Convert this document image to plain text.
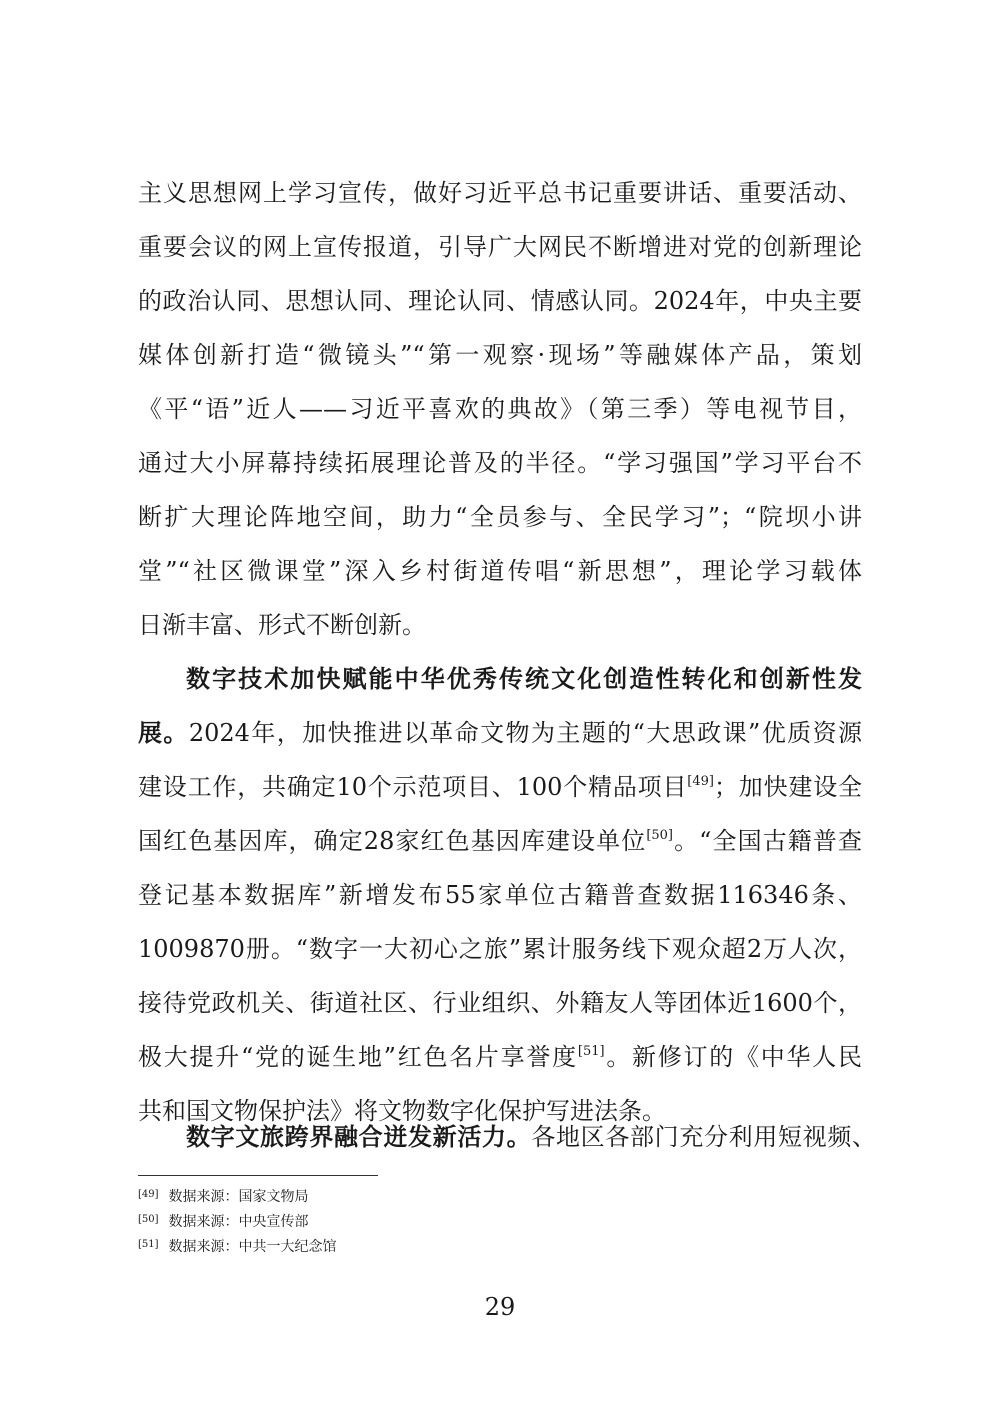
主义思想网上学习宣传，做好习近平总书记重要讲话、重要活动、
重要会议的网上宣传报道，引导广大网民不断增进对党的创新理论
的政治认同、思想认同、理论认同、情感认同。2024年，中央主要
媒体创新打造“微镜头”“第一观察·现场”等融媒体产品，策划
《平“语”近人——习近平喜欢的典故》（第三季）等电视节目，
通过大小屏幕持续拓展理论普及的半径。“学习强国”学习平台不
断扩大理论阵地空间，助力“全员参与、全民学习”；“院坝小讲
堂”“社区微课堂”深入乡村街道传唱“新思想”，理论学习载体
日渐丰富、形式不断创新。
数字技术加快赋能中华优秀传统文化创造性转化和创新性发
展。2024年，加快推进以革命文物为主题的“大思政课”优质资源
建设工作，共确定10个示范项目、100个精品项目[49]；加快建设全
国红色基因库，确定28家红色基因库建设单位[50]。“全国古籍普查
登记基本数据库”新增发布55家单位古籍普查数据116346条、
1009870册。“数字一大初心之旅”累计服务线下观众超2万人次，
接待党政机关、街道社区、行业组织、外籍友人等团体近1600个，
极大提升“党的诞生地”红色名片享誉度[51]。新修订的《中华人民
共和国文物保护法》将文物数字化保护写进法条。
数字文旅跨界融合迸发新活力。各地区各部门充分利用短视频、
[49] 数据来源：国家文物局
[50] 数据来源：中央宣传部
[51] 数据来源：中共一大纪念馆
29
